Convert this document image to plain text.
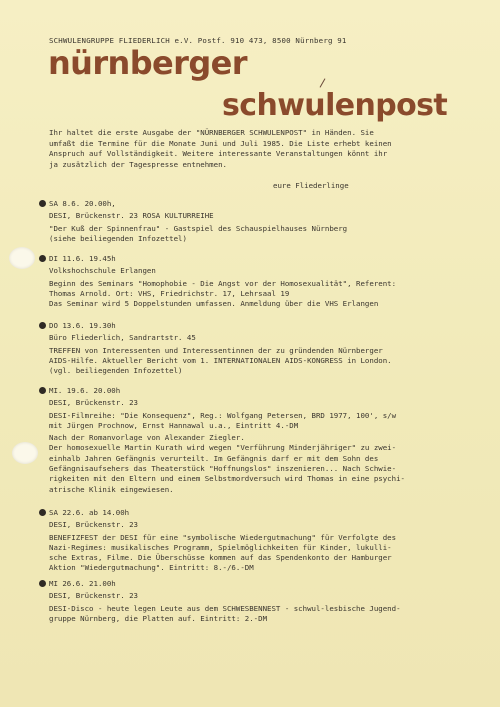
SCHWULENGRUPPE FLIEDERLICH e.V. Postf. 910 473, 8500 Nürnberg 91
nürnberger
schwulenpost

Ihr haltet die erste Ausgabe der "NÜRNBERGER SCHWULENPOST" in Händen. Sie
umfaßt die Termine für die Monate Juni und Juli 1985. Die Liste erhebt keinen
Anspruch auf Vollständigkeit. Weitere interessante Veranstaltungen könnt ihr
ja zusätzlich der Tagespresse entnehmen.

eure Fliederlinge

SA 8.6. 20.00h,

DESI, Brückenstr. 23 ROSA KULTURREIHE

"Der Kuß der Spinnenfrau" - Gastspiel des Schauspielhauses Nürnberg
(siehe beiliegenden Infozettel)

DI 11.6. 19.45h

Volkshochschule Erlangen

Beginn des Seminars "Homophobie - Die Angst vor der Homosexualität", Referent:
Thomas Arnold. Ort: VHS, Friedrichstr. 17, Lehrsaal 19
Das Seminar wird 5 Doppelstunden umfassen. Anmeldung über die VHS Erlangen

DO 13.6. 19.30h

Büro Fliederlich, Sandrartstr. 45

TREFFEN von Interessenten und Interessentinnen der zu gründenden Nürnberger
AIDS-Hilfe. Aktueller Bericht vom 1. INTERNATIONALEN AIDS-KONGRESS in London.
(vgl. beiliegenden Infozettel)

MI. 19.6. 20.00h

DESI, Brückenstr. 23

DESI-Filmreihe: "Die Konsequenz", Reg.: Wolfgang Petersen, BRD 1977, 100', s/w
mit Jürgen Prochnow, Ernst Hannawal u.a., Eintritt 4.-DM

Nach der Romanvorlage von Alexander Ziegler.
Der homosexuelle Martin Kurath wird wegen "Verführung Minderjähriger" zu zwei-
einhalb Jahren Gefängnis verurteilt. Im Gefängnis darf er mit dem Sohn des
Gefängnisaufsehers das Theaterstück "Hoffnungslos" inszenieren... Nach Schwie-
rigkeiten mit den Eltern und einem Selbstmordversuch wird Thomas in eine psychi-
atrische Klinik eingewiesen.

SA 22.6. ab 14.00h

DESI, Brückenstr. 23

BENEFIZFEST der DESI für eine "symbolische Wiedergutmachung" für Verfolgte des
Nazi-Regimes: musikalisches Programm, Spielmöglichkeiten für Kinder, lukulli-
sche Extras, Filme. Die Überschüsse kommen auf das Spendenkonto der Hamburger
Aktion "Wiedergutmachung". Eintritt: 8.-/6.-DM

MI 26.6. 21.00h

DESI, Brückenstr. 23

DESI-Disco - heute legen Leute aus dem SCHWESBENNEST - schwul-lesbische Jugend-
gruppe Nürnberg, die Platten auf. Eintritt: 2.-DM
